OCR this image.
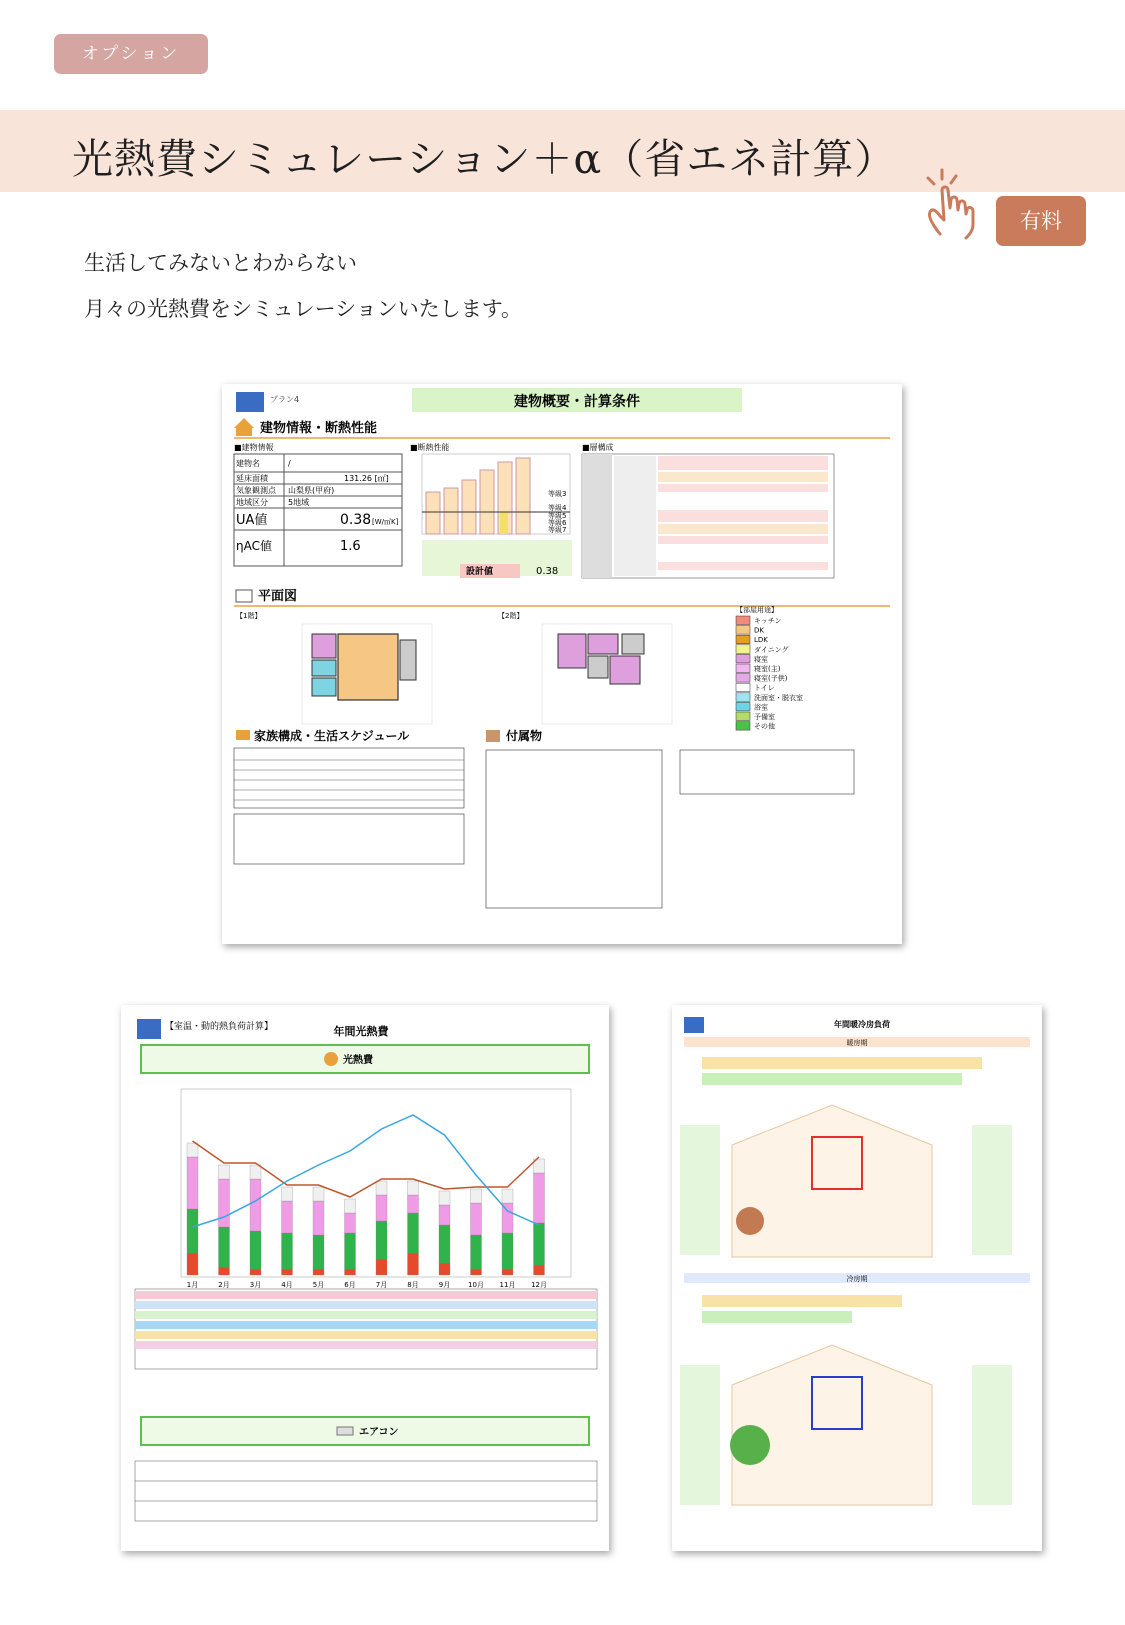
オプション
光熱費シミュレーション＋α（省エネ計算）
有料

生活してみないとわからない

月々の光熱費をシミュレーションいたします。

プラン4	建物概要・計算条件
建物情報・断熱性能
■建物情報
建物名	/
延床面積	131.26 [㎡]
気象観測点 山梨県(甲府)
地域区分	5地域
UA値	0.38 [W/㎡K]
ηAC値	1.6
■断熱性能
等級3
等級4
等級5
等級6
等級7
設計値	0.38
■層構成
平面図
【1階】	【2階】
【部屋用途】
キッチン
DK
LDK
ダイニング
寝室
寝室(主)
寝室(子供)
トイレ
洗面室・脱衣室
浴室
予備室
その他
家族構成・生活スケジュール	付属物
【室温・動的熱負荷計算】	年間光熱費
光熱費
1月	2月	3月	4月	5月	6月	7月	8月	9月	10月 11月 12月
エアコン
年間暖冷房負荷
暖房期
冷房期
